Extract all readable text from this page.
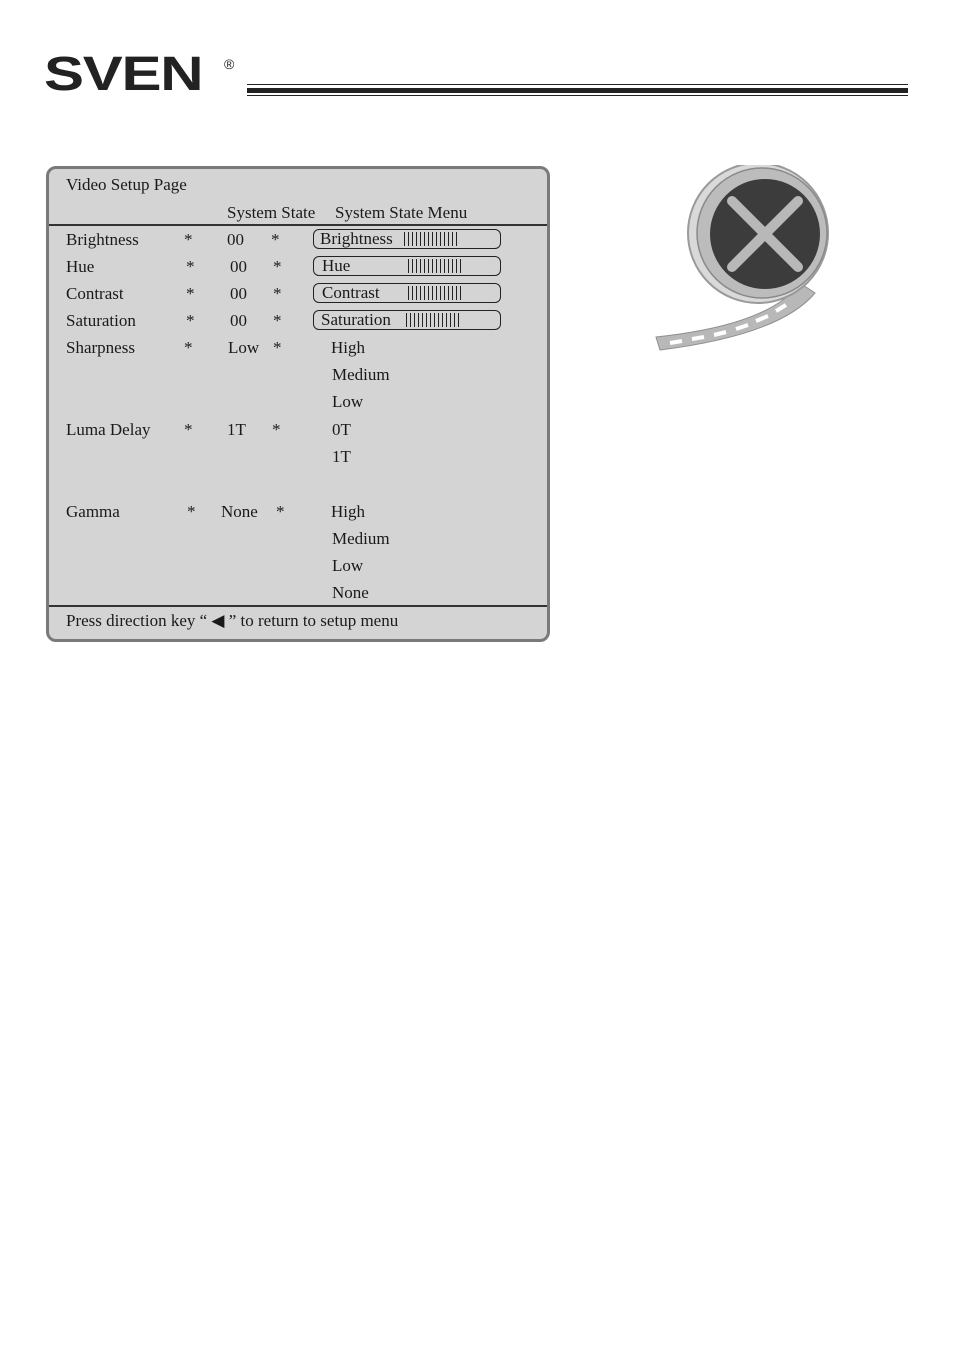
SVEN ®
Video Setup Page
System State System State Menu
Brightness	* 00 * Brightness
Hue	* 00 * Hue
Contrast	* 00 * Contrast
Saturation	* 00 * Saturation
Sharpness	* Low *	High
Medium
Low
Luma Delay * 1T *	0T
1T
Gamma	* None *	High
Medium
Low
None
Press direction key “ ◀ ” to return to setup menu
